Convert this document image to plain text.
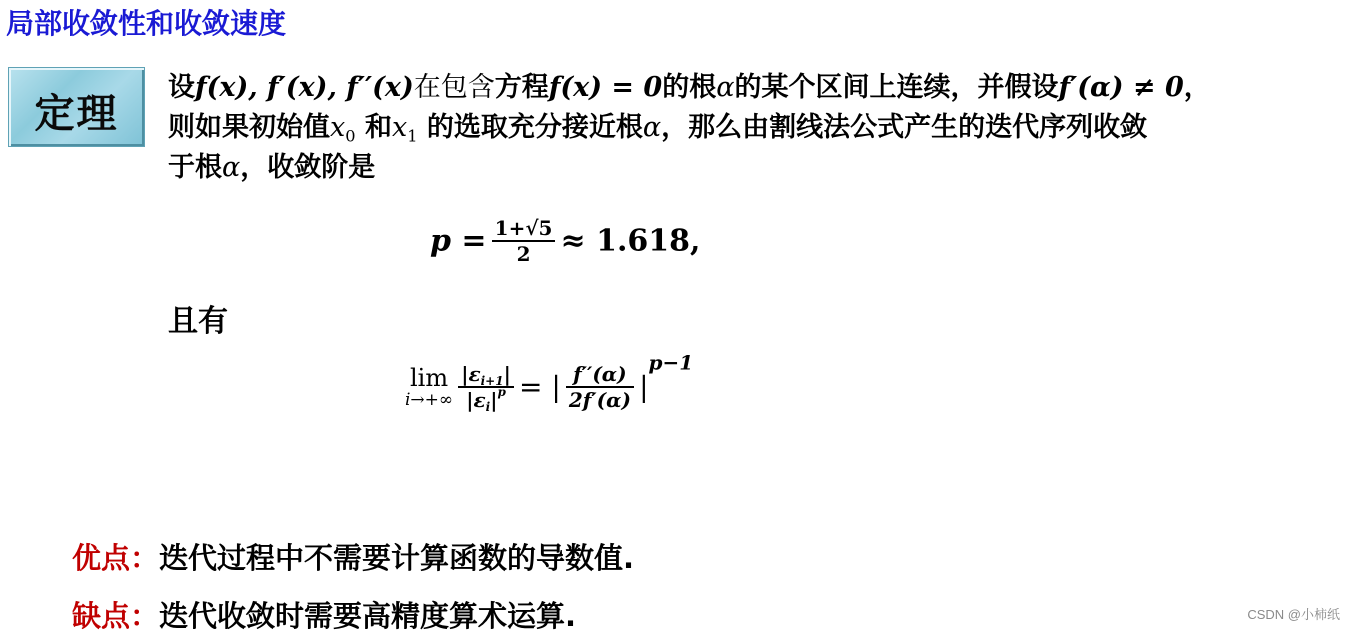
局部收敛性和收敛速度
定理
设f(x), f′(x), f′′(x)在包含方程f(x) = 0的根α的某个区间上连续，并假设f′(α) ≠ 0，
则如果初始值$x_0$ 和$x_1$ 的选取充分接近根α，那么由割线法公式产生的迭代序列收敛
于根α，收敛阶是
$p = \frac{1+√5}{2} \approx 1.618$,
且有
lim
i→+∞
$\frac{|\varepsilon_{i+1}|}{|\varepsilon_i|^p}$ = | $\frac{f''(\alpha)}{2f'(\alpha)} |^{p-1}$
优点：迭代过程中不需要计算函数的导数值.
缺点：迭代收敛时需要高精度算术运算.	CSDN @小柿纸
